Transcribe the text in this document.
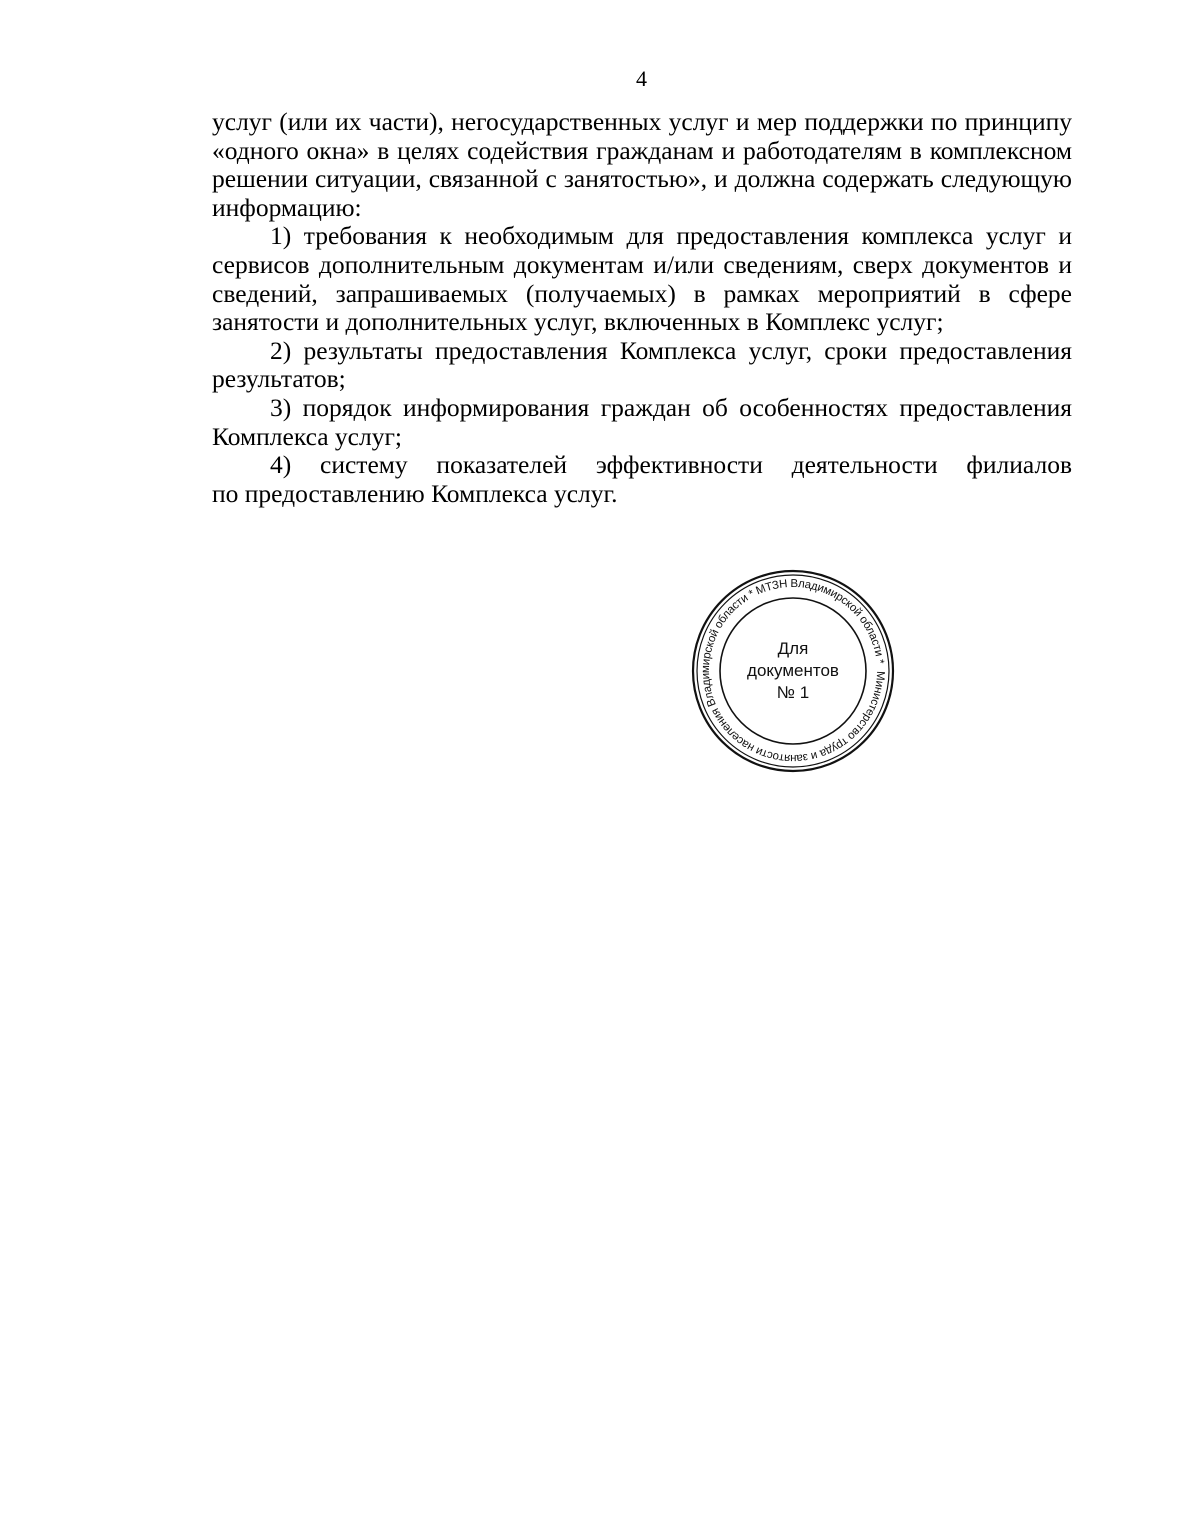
4

услуг (или их части), негосударственных услуг и мер поддержки по принципу «одного окна» в целях содействия гражданам и работодателям в комплексном решении ситуации, связанной с занятостью», и должна содержать следующую информацию:

1) требования к необходимым для предоставления комплекса услуг и сервисов дополнительным документам и/или сведениям, сверх документов и сведений, запрашиваемых (получаемых) в рамках мероприятий в сфере занятости и дополнительных услуг, включенных в Комплекс услуг;

2) результаты предоставления Комплекса услуг, сроки предоставления результатов;

3) порядок информирования граждан об особенностях предоставления Комплекса услуг;

4) систему показателей эффективности деятельности филиалов

по предоставлению Комплекса услуг.

Министерство труда и занятости населения Владимирской области * МТЗН Владимирской области *
Для
документов
№ 1
